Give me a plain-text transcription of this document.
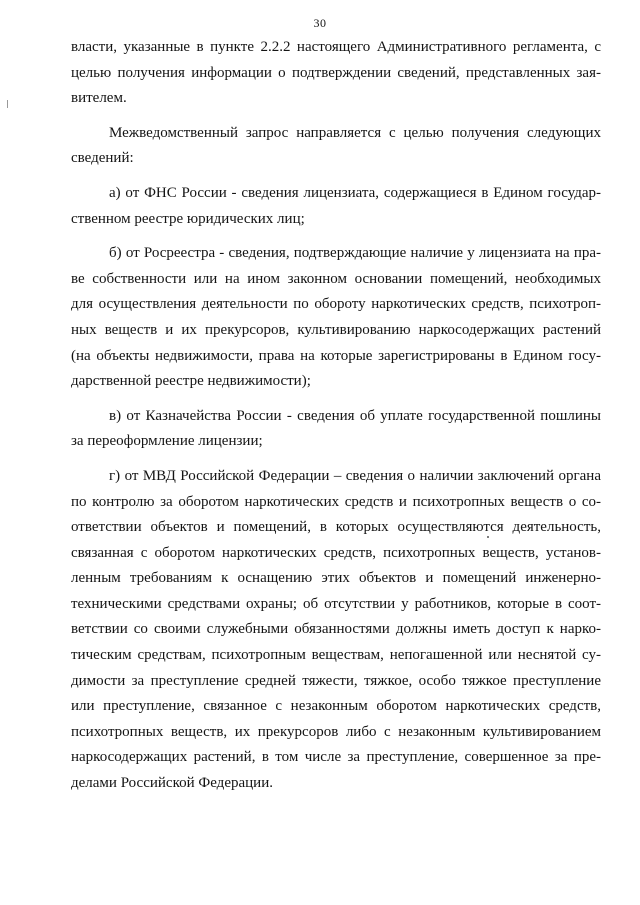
30
власти, указанные в пункте 2.2.2 настоящего Административного регламента, с
целью получения информации о подтверждении сведений, представленных зая-
вителем.
Межведомственный запрос направляется с целью получения следующих
сведений:
а) от ФНС России - сведения лицензиата, содержащиеся в Едином государ-
ственном реестре юридических лиц;
б) от Росреестра - сведения, подтверждающие наличие у лицензиата на пра-
ве собственности или на ином законном основании помещений, необходимых
для осуществления деятельности по обороту наркотических средств, психотроп-
ных веществ и их прекурсоров, культивированию наркосодержащих растений
(на объекты недвижимости, права на которые зарегистрированы в Едином госу-
дарственной реестре недвижимости);
в) от Казначейства России - сведения об уплате государственной пошлины
за переоформление лицензии;
г) от МВД Российской Федерации – сведения о наличии заключений органа
по контролю за оборотом наркотических средств и психотропных веществ о со-
ответствии объектов и помещений, в которых осуществляются деятельность,
связанная с оборотом наркотических средств, психотропных веществ, установ-
ленным требованиям к оснащению этих объектов и помещений инженерно-
техническими средствами охраны; об отсутствии у работников, которые в соот-
ветствии со своими служебными обязанностями должны иметь доступ к нарко-
тическим средствам, психотропным веществам, непогашенной или неснятой су-
димости за преступление средней тяжести, тяжкое, особо тяжкое преступление
или преступление, связанное с незаконным оборотом наркотических средств,
психотропных веществ, их прекурсоров либо с незаконным культивированием
наркосодержащих растений, в том числе за преступление, совершенное за пре-
делами Российской Федерации.
